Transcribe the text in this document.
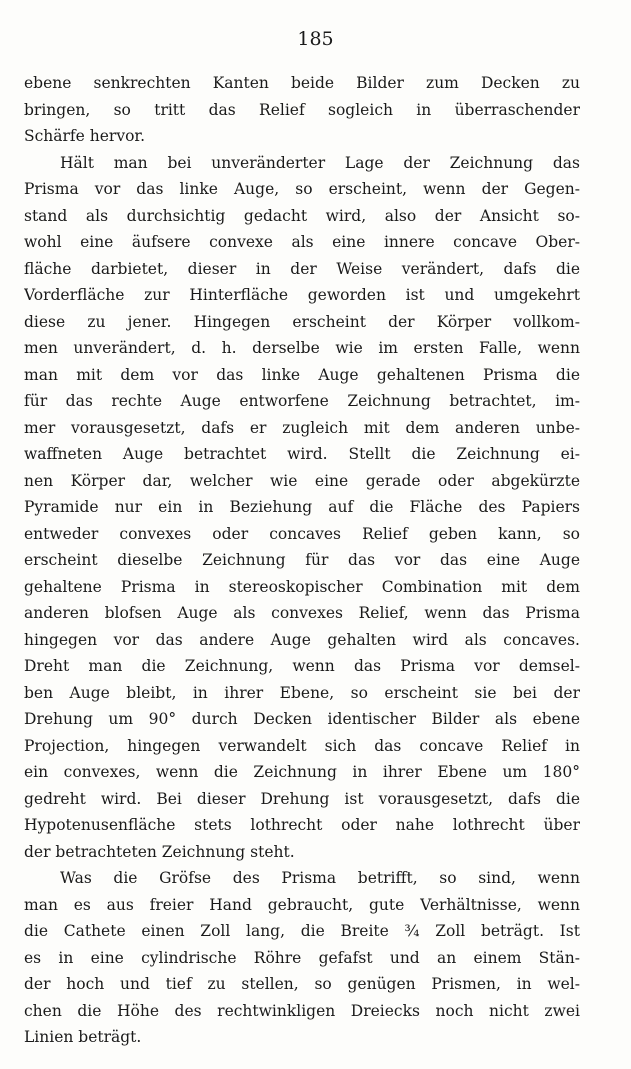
185
ebene senkrechten Kanten beide Bilder zum Decken zu
bringen, so tritt das Relief sogleich in überraschender
Schärfe hervor.
Hält man bei unveränderter Lage der Zeichnung das
Prisma vor das linke Auge, so erscheint, wenn der Gegen-
stand als durchsichtig gedacht wird, also der Ansicht so-
wohl eine äufsere convexe als eine innere concave Ober-
fläche darbietet, dieser in der Weise verändert, dafs die
Vorderfläche zur Hinterfläche geworden ist und umgekehrt
diese zu jener. Hingegen erscheint der Körper vollkom-
men unverändert, d. h. derselbe wie im ersten Falle, wenn
man mit dem vor das linke Auge gehaltenen Prisma die
für das rechte Auge entworfene Zeichnung betrachtet, im-
mer vorausgesetzt, dafs er zugleich mit dem anderen unbe-
waffneten Auge betrachtet wird. Stellt die Zeichnung ei-
nen Körper dar, welcher wie eine gerade oder abgekürzte
Pyramide nur ein in Beziehung auf die Fläche des Papiers
entweder convexes oder concaves Relief geben kann, so
erscheint dieselbe Zeichnung für das vor das eine Auge
gehaltene Prisma in stereoskopischer Combination mit dem
anderen blofsen Auge als convexes Relief, wenn das Prisma
hingegen vor das andere Auge gehalten wird als concaves.
Dreht man die Zeichnung, wenn das Prisma vor demsel-
ben Auge bleibt, in ihrer Ebene, so erscheint sie bei der
Drehung um 90° durch Decken identischer Bilder als ebene
Projection, hingegen verwandelt sich das concave Relief in
ein convexes, wenn die Zeichnung in ihrer Ebene um 180°
gedreht wird. Bei dieser Drehung ist vorausgesetzt, dafs die
Hypotenusenfläche stets lothrecht oder nahe lothrecht über
der betrachteten Zeichnung steht.
Was die Gröfse des Prisma betrifft, so sind, wenn
man es aus freier Hand gebraucht, gute Verhältnisse, wenn
die Cathete einen Zoll lang, die Breite ¾ Zoll beträgt. Ist
es in eine cylindrische Röhre gefafst und an einem Stän-
der hoch und tief zu stellen, so genügen Prismen, in wel-
chen die Höhe des rechtwinkligen Dreiecks noch nicht zwei
Linien beträgt.
